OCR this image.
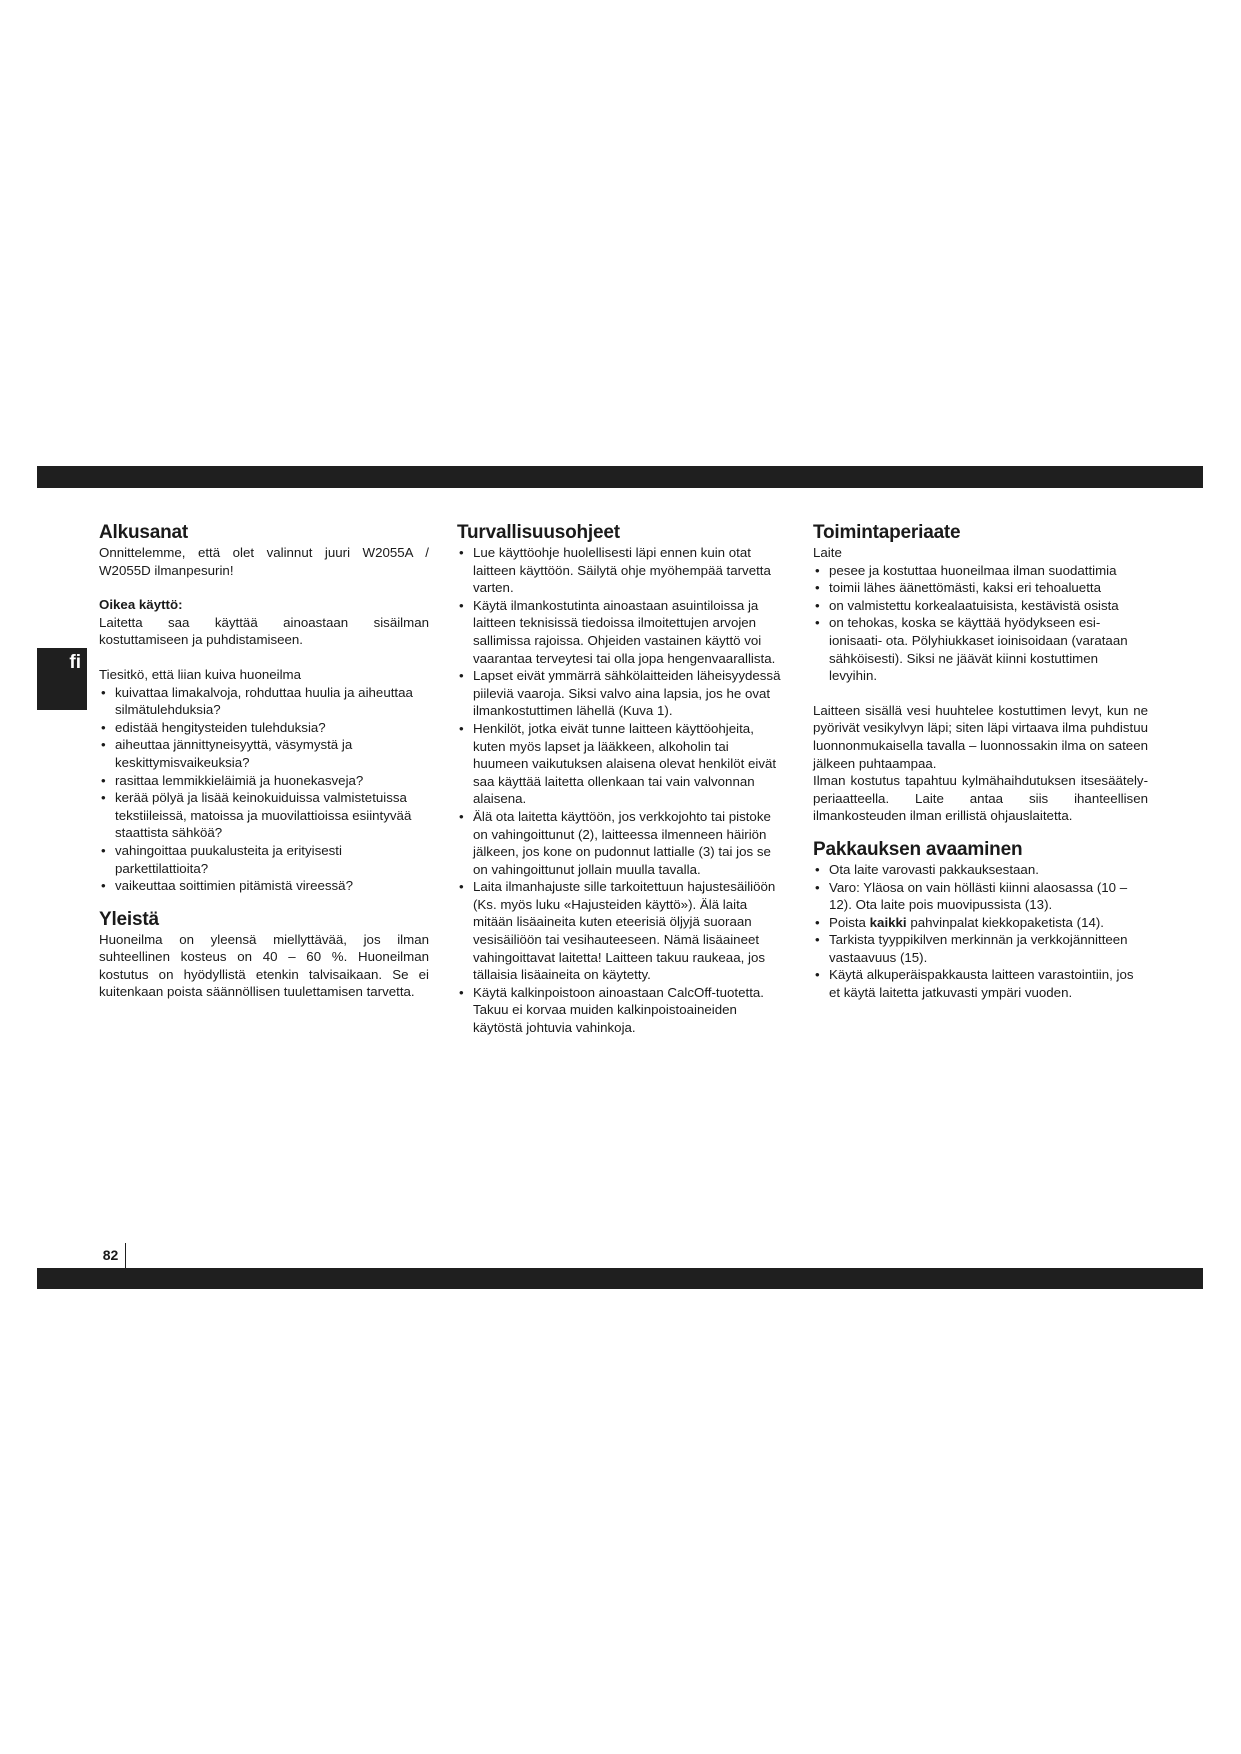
fi
Alkusanat

Onnittelemme, että olet valinnut juuri W2055A / W2055D ilmanpesurin!

Oikea käyttö:

Laitetta saa käyttää ainoastaan sisäilman kostuttamiseen ja puhdistamiseen.

Tiesitkö, että liian kuiva huoneilma

• kuivattaa limakalvoja, rohduttaa huulia ja aiheuttaa silmätulehduksia?
• edistää hengitysteiden tulehduksia?
• aiheuttaa jännittyneisyyttä, väsymystä ja keskittymisvaikeuksia?
• rasittaa lemmikkieläimiä ja huonekasveja?
• kerää pölyä ja lisää keinokuiduissa valmistetuissa tekstiileissä, matoissa ja muovilattioissa esiintyvää staattista sähköä?
• vahingoittaa puukalusteita ja erityisesti parkettilattioita?
• vaikeuttaa soittimien pitämistä vireessä?
Yleistä

Huoneilma on yleensä miellyttävää, jos ilman suhteellinen kosteus on 40 – 60 %. Huoneilman kostutus on hyödyllistä etenkin talvisaikaan. Se ei kuitenkaan poista säännöllisen tuulettamisen tarvetta.

Turvallisuusohjeet
• Lue käyttöohje huolellisesti läpi ennen kuin otat laitteen käyttöön. Säilytä ohje myöhempää tarvetta varten.
• Käytä ilmankostutinta ainoastaan asuintiloissa ja laitteen teknisissä tiedoissa ilmoitettujen arvojen sallimissa rajoissa. Ohjeiden vastainen käyttö voi vaarantaa terveytesi tai olla jopa hengenvaarallista.
• Lapset eivät ymmärrä sähkölaitteiden läheisyydessä piileviä vaaroja. Siksi valvo aina lapsia, jos he ovat ilmankostuttimen lähellä (Kuva 1).
• Henkilöt, jotka eivät tunne laitteen käyttöohjeita, kuten myös lapset ja lääkkeen, alkoholin tai huumeen vaikutuksen alaisena olevat henkilöt eivät saa käyttää laitetta ollenkaan tai vain valvonnan alaisena.
• Älä ota laitetta käyttöön, jos verkkojohto tai pistoke on vahingoittunut (2), laitteessa ilmenneen häiriön jälkeen, jos kone on pudonnut lattialle (3) tai jos se on vahingoittunut jollain muulla tavalla.
• Laita ilmanhajuste sille tarkoitettuun hajustesäiliöön (Ks. myös luku «Hajusteiden käyttö»). Älä laita mitään lisäaineita kuten eteerisiä öljyjä suoraan vesisäiliöön tai vesihauteeseen. Nämä lisäaineet vahingoittavat laitetta! Laitteen takuu raukeaa, jos tällaisia lisäaineita on käytetty.
• Käytä kalkinpoistoon ainoastaan CalcOff-tuotetta. Takuu ei korvaa muiden kalkinpoistoaineiden käytöstä johtuvia vahinkoja.
Toimintaperiaate

Laite

• pesee ja kostuttaa huoneilmaa ilman suodattimia
• toimii lähes äänettömästi, kaksi eri tehoaluetta
• on valmistettu korkealaatuisista, kestävistä osista
• on tehokas, koska se käyttää hyödykseen esi-ionisaati- ota. Pölyhiukkaset ioinisoidaan (varataan sähköisesti). Siksi ne jäävät kiinni kostuttimen levyihin.

Laitteen sisällä vesi huuhtelee kostuttimen levyt, kun ne pyörivät vesikylvyn läpi; siten läpi virtaava ilma puhdistuu luonnonmukaisella tavalla – luonnossakin ilma on sateen jälkeen puhtaampaa.

Ilman kostutus tapahtuu kylmähaihdutuksen itsesäätely- periaatteella. Laite antaa siis ihanteellisen ilmankosteuden ilman erillistä ohjauslaitetta.

Pakkauksen avaaminen
• Ota laite varovasti pakkauksestaan.
• Varo: Yläosa on vain höllästi kiinni alaosassa (10 – 12). Ota laite pois muovipussista (13).
• Poista kaikki pahvinpalat kiekkopaketista (14).
• Tarkista tyyppikilven merkinnän ja verkkojännitteen vastaavuus (15).
• Käytä alkuperäispakkausta laitteen varastointiin, jos et käytä laitetta jatkuvasti ympäri vuoden.
82
